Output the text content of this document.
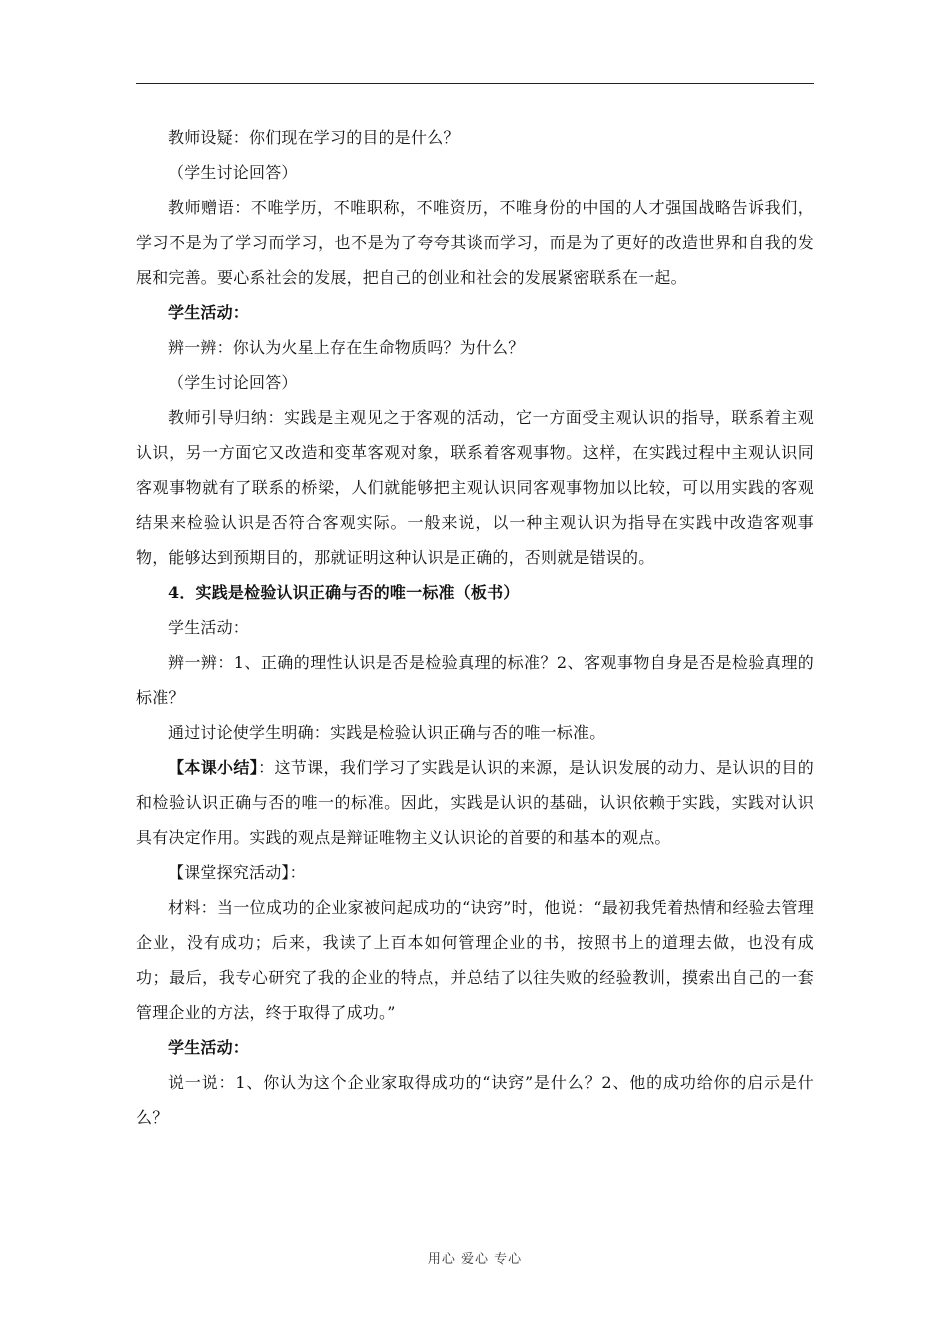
教师设疑：你们现在学习的目的是什么？

（学生讨论回答）

教师赠语：不唯学历，不唯职称，不唯资历，不唯身份的中国的人才强国战略告诉我们，学习不是为了学习而学习，也不是为了夸夸其谈而学习，而是为了更好的改造世界和自我的发展和完善。要心系社会的发展，把自己的创业和社会的发展紧密联系在一起。

学生活动：

辨一辨：你认为火星上存在生命物质吗？为什么？

（学生讨论回答）

教师引导归纳：实践是主观见之于客观的活动，它一方面受主观认识的指导，联系着主观认识，另一方面它又改造和变革客观对象，联系着客观事物。这样，在实践过程中主观认识同客观事物就有了联系的桥梁，人们就能够把主观认识同客观事物加以比较，可以用实践的客观结果来检验认识是否符合客观实际。一般来说，以一种主观认识为指导在实践中改造客观事物，能够达到预期目的，那就证明这种认识是正确的，否则就是错误的。

4．实践是检验认识正确与否的唯一标准（板书）

学生活动：

辨一辨：1、正确的理性认识是否是检验真理的标准？2、客观事物自身是否是检验真理的标准？

通过讨论使学生明确：实践是检验认识正确与否的唯一标准。

【本课小结】：这节课，我们学习了实践是认识的来源，是认识发展的动力、是认识的目的和检验认识正确与否的唯一的标准。因此，实践是认识的基础，认识依赖于实践，实践对认识具有决定作用。实践的观点是辩证唯物主义认识论的首要的和基本的观点。

【课堂探究活动】：

材料：当一位成功的企业家被问起成功的“诀窍”时，他说：“最初我凭着热情和经验去管理企业，没有成功；后来，我读了上百本如何管理企业的书，按照书上的道理去做，也没有成功；最后，我专心研究了我的企业的特点，并总结了以往失败的经验教训，摸索出自己的一套管理企业的方法，终于取得了成功。”

学生活动：

说一说：1、你认为这个企业家取得成功的“诀窍”是什么？2、他的成功给你的启示是什么？

用心 爱心 专心
